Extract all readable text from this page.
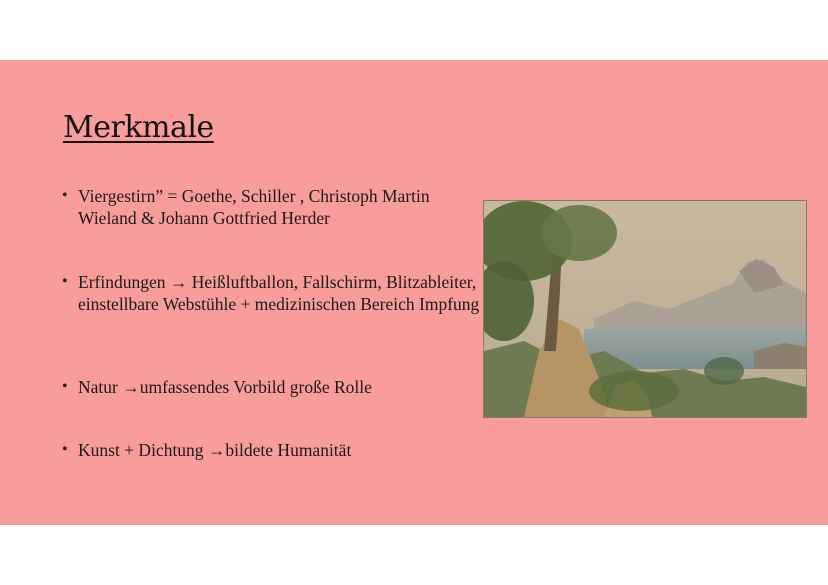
Merkmale
• Viergestirn” = Goethe, Schiller , Christoph Martin Wieland & Johann Gottfried Herder
• Erfindungen → Heißluftballon, Fallschirm, Blitzableiter, einstellbare Webstühle + medizinischen Bereich Impfung
• Natur →umfassendes Vorbild große Rolle
• Kunst + Dichtung →bildete Humanität
